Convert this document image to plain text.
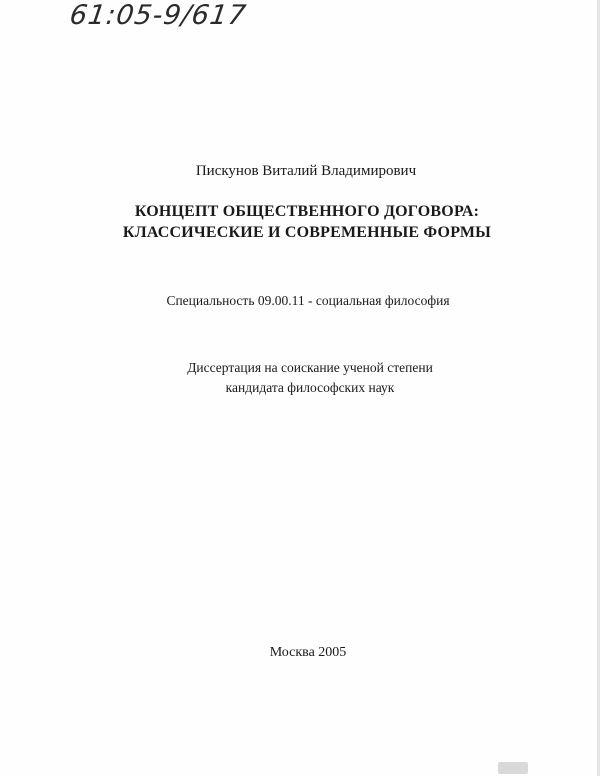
61:05-9/617
Пискунов Виталий Владимирович
КОНЦЕПТ ОБЩЕСТВЕННОГО ДОГОВОРА:
КЛАССИЧЕСКИЕ И СОВРЕМЕННЫЕ ФОРМЫ
Специальность 09.00.11 - социальная философия
Диссертация на соискание ученой степени
кандидата философских наук
Москва 2005
